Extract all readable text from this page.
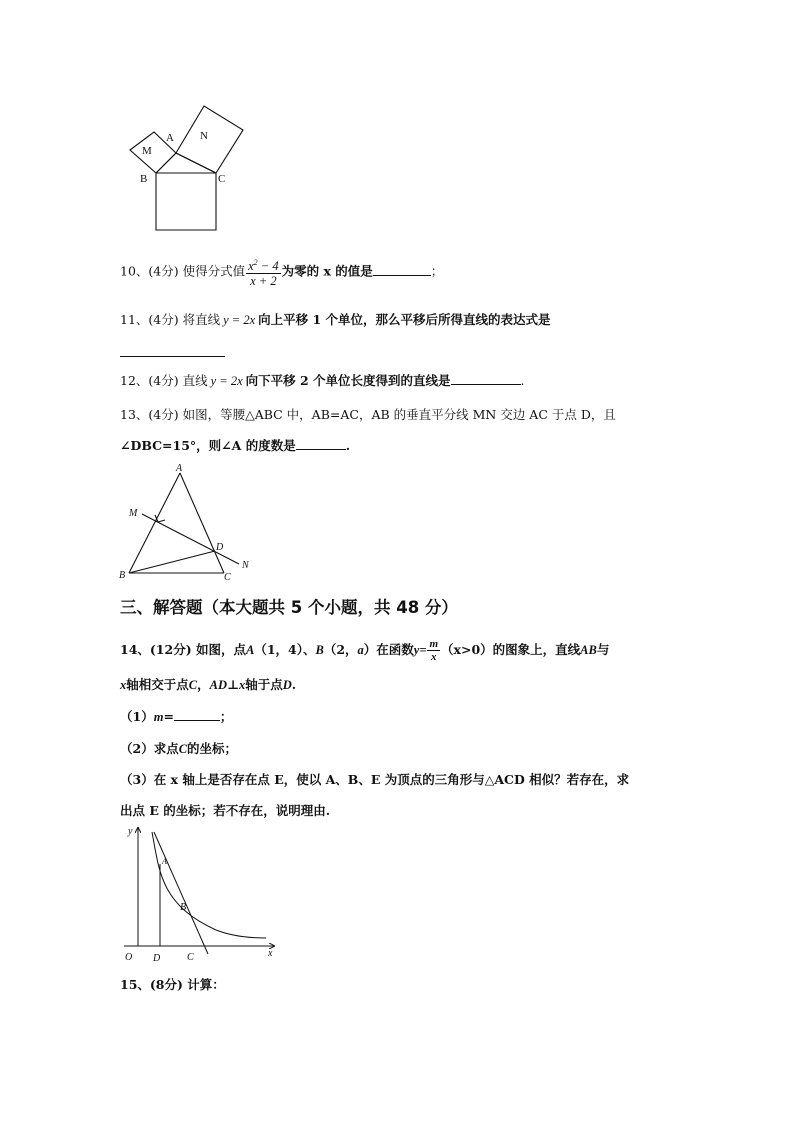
A N
M
B	C
10、(4分) 使得分式值 $\frac{x^2 - 4}{x + 2}$ 为零的 x 的值是	；
11、(4分) 将直线 y = 2x 向上平移 1 个单位，那么平移后所得直线的表达式是
12、(4分) 直线 y = 2x 向下平移 2 个单位长度得到的直线是	.
13、(4分) 如图，等腰△ABC 中，AB=AC，AB 的垂直平分线 MN 交边 AC 于点 D，且
∠DBC=15°，则∠A 的度数是	.
A
M
D
N
B	C
三、解答题（本大题共 5 个小题，共 48 分）
14、(12分) 如图，点A（1，4）、B（2，a）在函数$y= \frac{m}{x} (x>0)$的图象上，直线AB与
x轴相交于点C，AD⊥x轴于点D.
（1）m=	；
（2）求点C的坐标；
（3）在 x 轴上是否存在点 E，使以 A、B、E 为顶点的三角形与△ACD 相似？若存在，求
出点 E 的坐标；若不存在，说明理由.
y
A
B
x
O D	C
15、(8分) 计算：
